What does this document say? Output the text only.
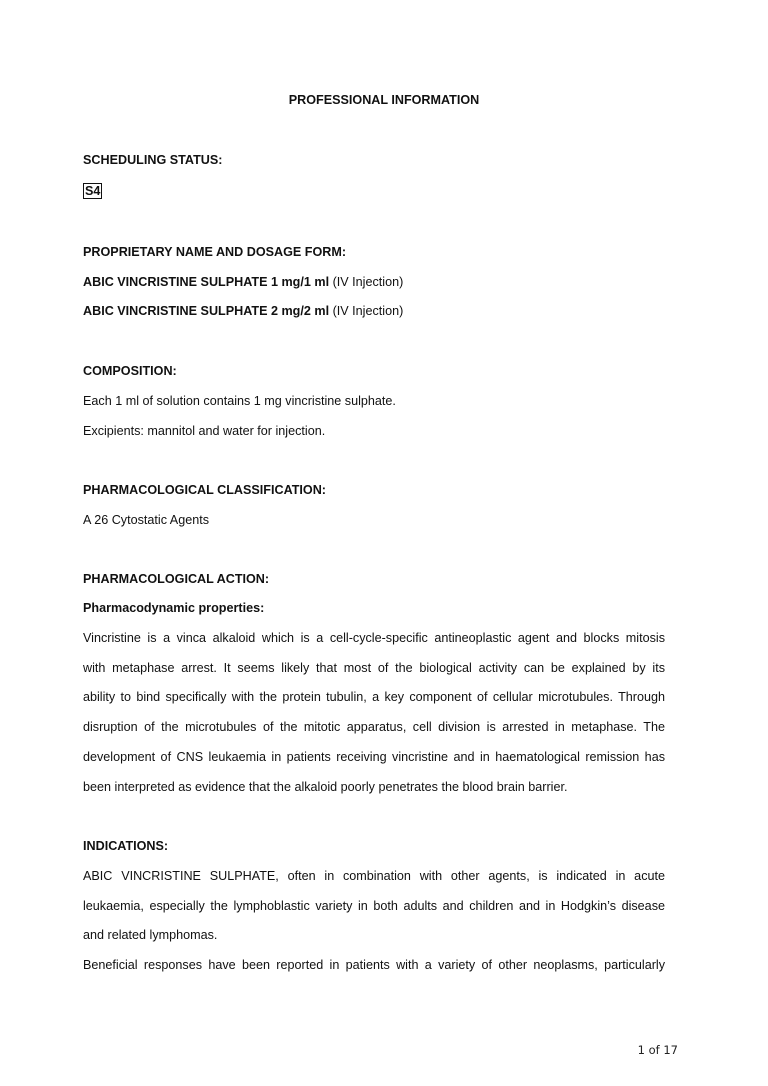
PROFESSIONAL INFORMATION
SCHEDULING STATUS:
S4
PROPRIETARY NAME AND DOSAGE FORM:
ABIC VINCRISTINE SULPHATE 1 mg/1 ml (IV Injection)
ABIC VINCRISTINE SULPHATE 2 mg/2 ml (IV Injection)
COMPOSITION:
Each 1 ml of solution contains 1 mg vincristine sulphate.
Excipients: mannitol and water for injection.
PHARMACOLOGICAL CLASSIFICATION:
A 26 Cytostatic Agents
PHARMACOLOGICAL ACTION:
Pharmacodynamic properties:
Vincristine is a vinca alkaloid which is a cell-cycle-specific antineoplastic agent and blocks mitosis
with metaphase arrest. It seems likely that most of the biological activity can be explained by its
ability to bind specifically with the protein tubulin, a key component of cellular microtubules. Through
disruption of the microtubules of the mitotic apparatus, cell division is arrested in metaphase. The
development of CNS leukaemia in patients receiving vincristine and in haematological remission has
been interpreted as evidence that the alkaloid poorly penetrates the blood brain barrier.
INDICATIONS:
ABIC VINCRISTINE SULPHATE, often in combination with other agents, is indicated in acute
leukaemia, especially the lymphoblastic variety in both adults and children and in Hodgkin’s disease
and related lymphomas.
Beneficial responses have been reported in patients with a variety of other neoplasms, particularly
1 of 17
